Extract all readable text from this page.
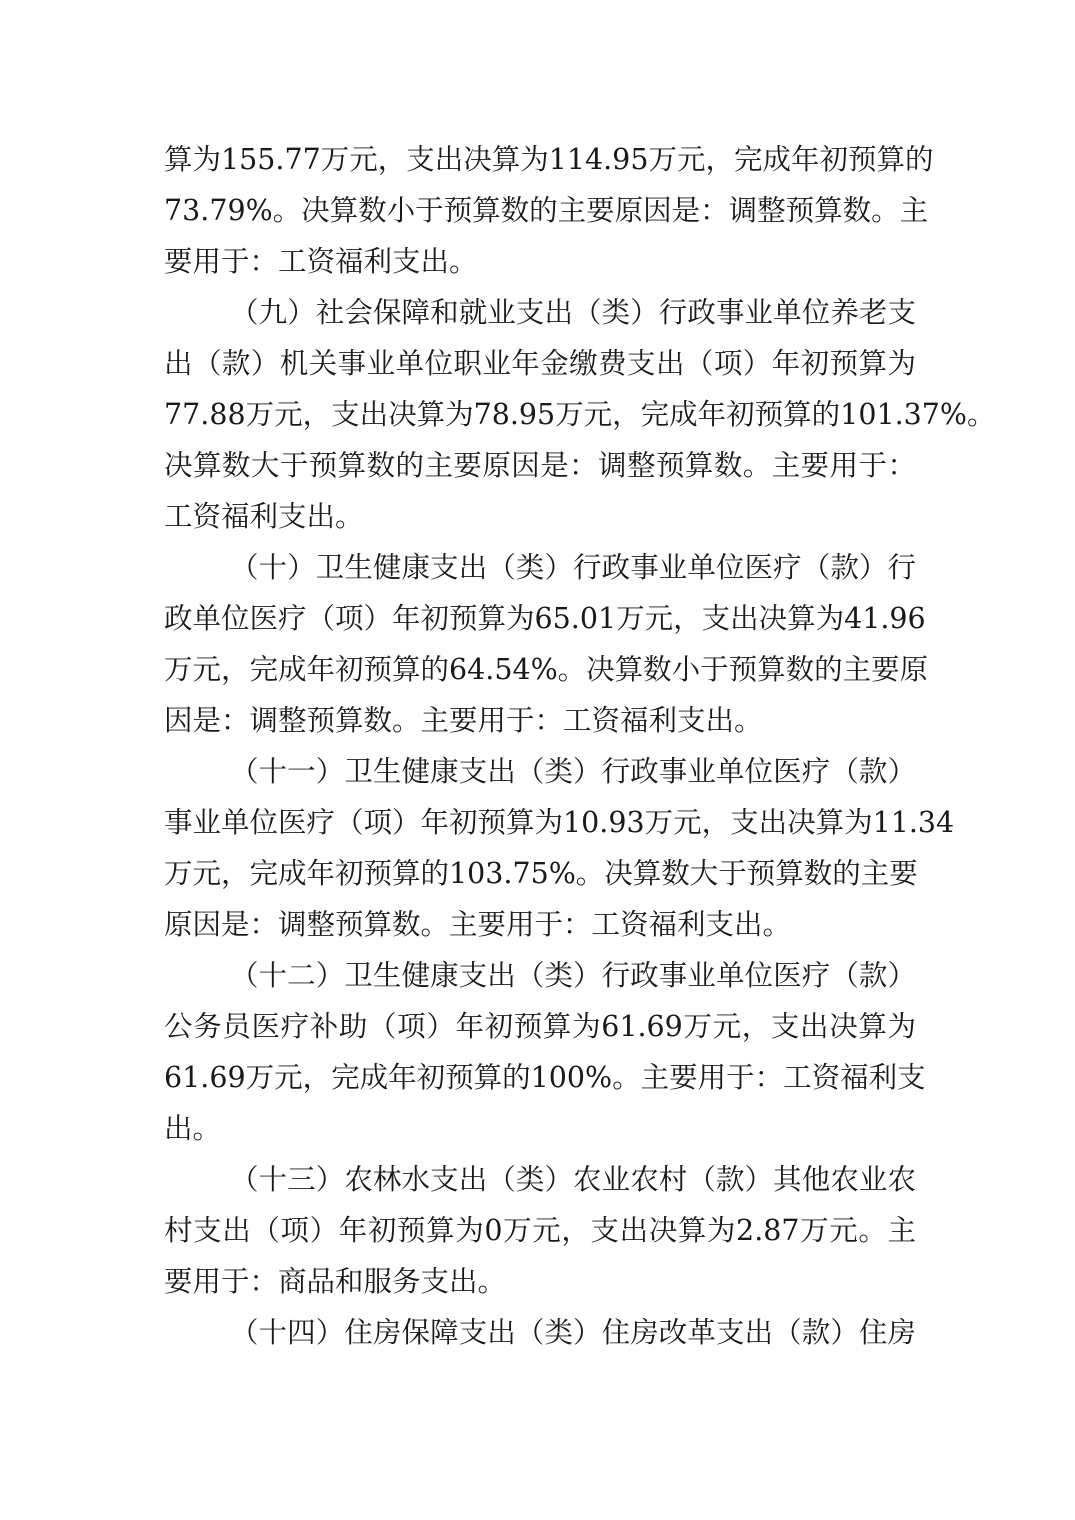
算为155.77万元，支出决算为114.95万元，完成年初预算的
73.79%。决算数小于预算数的主要原因是：调整预算数。主
要用于：工资福利支出。
（九）社会保障和就业支出（类）行政事业单位养老支
出（款）机关事业单位职业年金缴费支出（项）年初预算为
77.88万元，支出决算为78.95万元，完成年初预算的101.37%。
决算数大于预算数的主要原因是：调整预算数。主要用于：
工资福利支出。
（十）卫生健康支出（类）行政事业单位医疗（款）行
政单位医疗（项）年初预算为65.01万元，支出决算为41.96
万元，完成年初预算的64.54%。决算数小于预算数的主要原
因是：调整预算数。主要用于：工资福利支出。
（十一）卫生健康支出（类）行政事业单位医疗（款）
事业单位医疗（项）年初预算为10.93万元，支出决算为11.34
万元，完成年初预算的103.75%。决算数大于预算数的主要
原因是：调整预算数。主要用于：工资福利支出。
（十二）卫生健康支出（类）行政事业单位医疗（款）
公务员医疗补助（项）年初预算为61.69万元，支出决算为
61.69万元，完成年初预算的100%。主要用于：工资福利支
出。
（十三）农林水支出（类）农业农村（款）其他农业农
村支出（项）年初预算为0万元，支出决算为2.87万元。主
要用于：商品和服务支出。
（十四）住房保障支出（类）住房改革支出（款）住房
